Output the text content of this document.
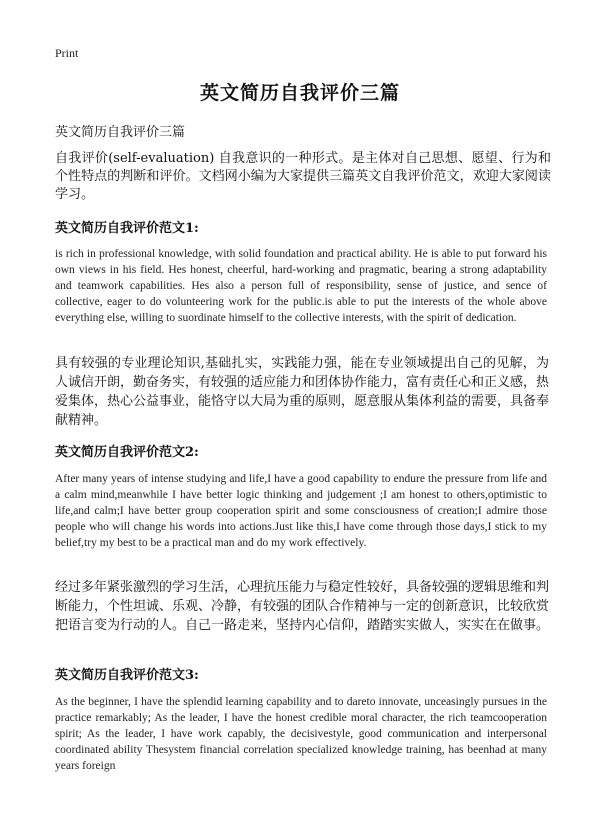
Print
英文简历自我评价三篇
英文简历自我评价三篇
自我评价(self-evaluation) 自我意识的一种形式。是主体对自己思想、愿望、行为和个性特点的判断和评价。文档网小编为大家提供三篇英文自我评价范文，欢迎大家阅读学习。
英文简历自我评价范文1:
is rich in professional knowledge, with solid foundation and practical ability. He is able to put forward his own views in his field. Hes honest, cheerful, hard-working and pragmatic, bearing a strong adaptability and teamwork capabilities. Hes also a person full of responsibility, sense of justice, and sence of collective, eager to do volunteering work for the public.is able to put the interests of the whole above everything else, willing to suordinate himself to the collective interests, with the spirit of dedication.
具有较强的专业理论知识,基础扎实，实践能力强，能在专业领域提出自己的见解，为人诚信开朗，勤奋务实，有较强的适应能力和团体协作能力，富有责任心和正义感，热爱集体，热心公益事业，能恪守以大局为重的原则，愿意服从集体利益的需要，具备奉献精神。
英文简历自我评价范文2:
After many years of intense studying and life,I have a good capability to endure the pressure from life and a calm mind,meanwhile I have better logic thinking and judgement ;I am honest to others,optimistic to life,and calm;I have better group cooperation spirit and some consciousness of creation;I admire those people who will change his words into actions.Just like this,I have come through those days,I stick to my belief,try my best to be a practical man and do my work effectively.
经过多年紧张激烈的学习生活，心理抗压能力与稳定性较好，具备较强的逻辑思维和判断能力，个性坦诚、乐观、冷静，有较强的团队合作精神与一定的创新意识，比较欣赏把语言变为行动的人。自己一路走来，坚持内心信仰，踏踏实实做人，实实在在做事。
英文简历自我评价范文3:
As the beginner, I have the splendid learning capability and to dareto innovate, unceasingly pursues in the practice remarkably; As the leader, I have the honest credible moral character, the rich teamcooperation spirit; As the leader, I have work capably, the decisivestyle, good communication and interpersonal coordinated ability Thesystem financial correlation specialized knowledge training, has beenhad at many years foreign
